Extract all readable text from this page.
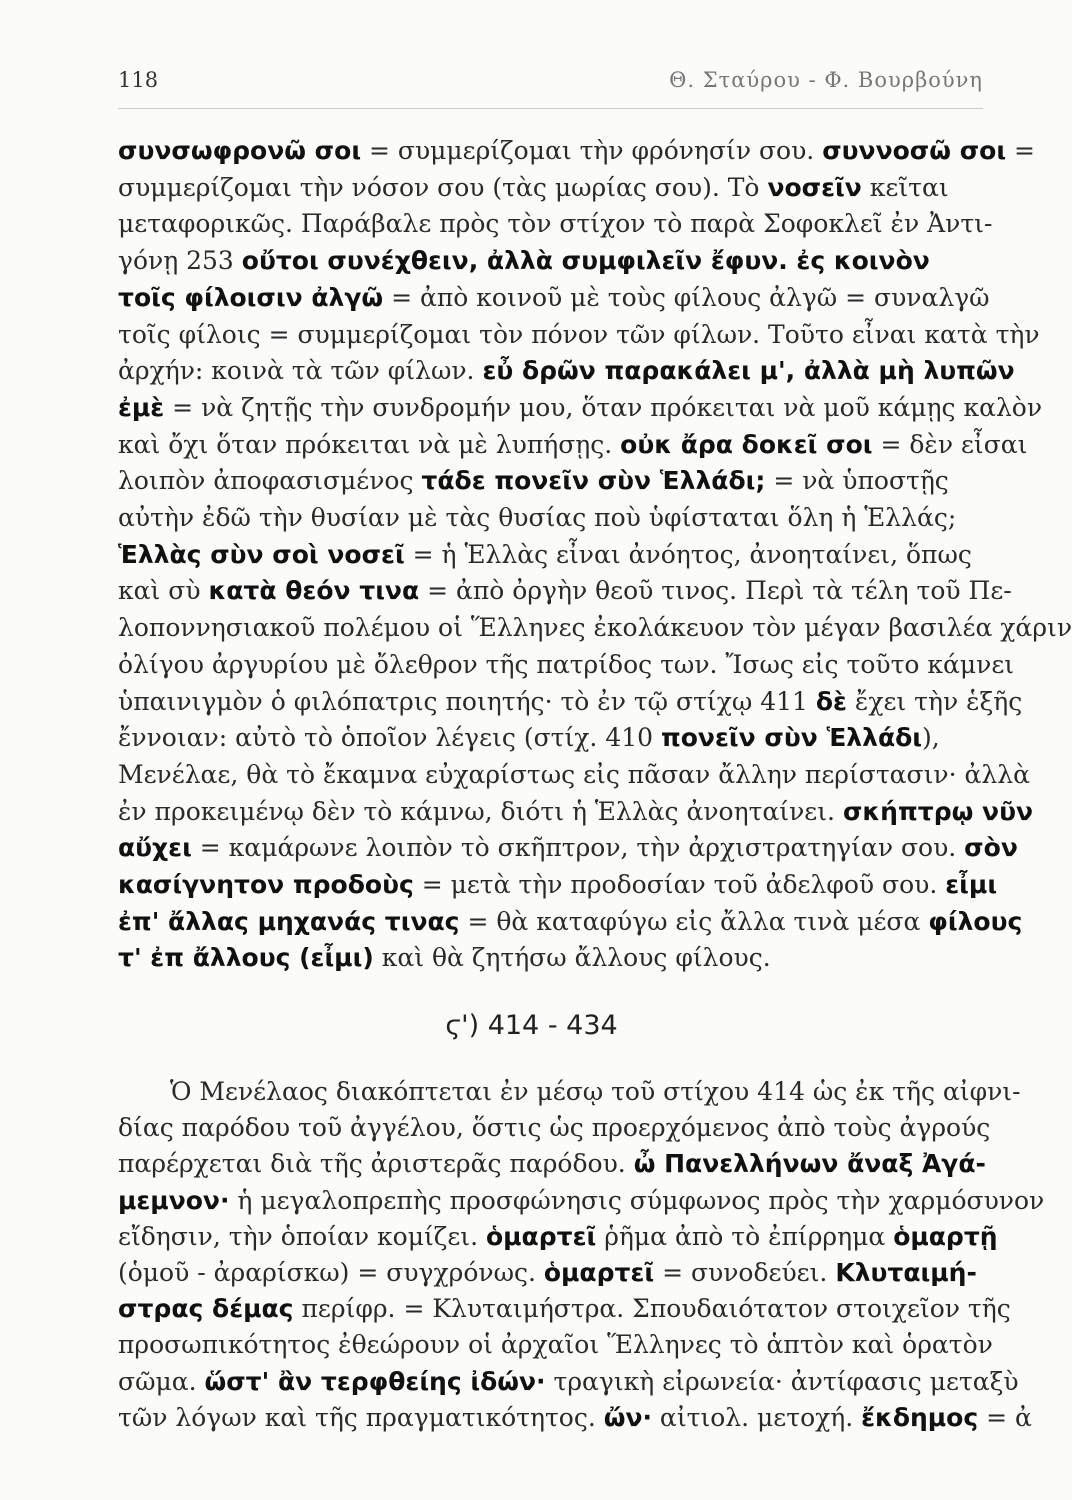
118	Θ. Σταύρου - Φ. Βουρβούνη
συνσωφρονῶ σοι = συμμερίζομαι τὴν φρόνησίν σου. συννοσῶ σοι =
συμμερίζομαι τὴν νόσον σου (τὰς μωρίας σου). Τὸ νοσεῖν κεῖται
μεταφορικῶς. Παράβαλε πρὸς τὸν στίχον τὸ παρὰ Σοφοκλεῖ ἐν Ἀντι-
γόνῃ 253 οὔτοι συνέχθειν, ἀλλὰ συμφιλεῖν ἔφυν. ἐς κοινὸν
τοῖς φίλοισιν ἀλγῶ = ἀπὸ κοινοῦ μὲ τοὺς φίλους ἀλγῶ = συναλγῶ
τοῖς φίλοις = συμμερίζομαι τὸν πόνον τῶν φίλων. Τοῦτο εἶναι κατὰ τὴν
ἀρχήν: κοινὰ τὰ τῶν φίλων. εὖ δρῶν παρακάλει μ', ἀλλὰ μὴ λυπῶν
ἐμὲ = νὰ ζητῇς τὴν συνδρομήν μου, ὅταν πρόκειται νὰ μοῦ κάμῃς καλὸν
καὶ ὄχι ὅταν πρόκειται νὰ μὲ λυπήσῃς. οὐκ ἄρα δοκεῖ σοι = δὲν εἶσαι
λοιπὸν ἀποφασισμένος τάδε πονεῖν σὺν Ἑλλάδι; = νὰ ὑποστῇς
αὐτὴν ἐδῶ τὴν θυσίαν μὲ τὰς θυσίας ποὺ ὑφίσταται ὅλη ἡ Ἑλλάς;
Ἑλλὰς σὺν σοὶ νοσεῖ = ἡ Ἑλλὰς εἶναι ἀνόητος, ἀνοηταίνει, ὅπως
καὶ σὺ κατὰ θεόν τινα = ἀπὸ ὀργὴν θεοῦ τινος. Περὶ τὰ τέλη τοῦ Πε-
λοποννησιακοῦ πολέμου οἱ Ἕλληνες ἐκολάκευον τὸν μέγαν βασιλέα χάριν
ὀλίγου ἀργυρίου μὲ ὄλεθρον τῆς πατρίδος των. Ἴσως εἰς τοῦτο κάμνει
ὑπαινιγμὸν ὁ φιλόπατρις ποιητής· τὸ ἐν τῷ στίχῳ 411 δὲ ἔχει τὴν ἑξῆς
ἔννοιαν: αὐτὸ τὸ ὁποῖον λέγεις (στίχ. 410 πονεῖν σὺν Ἑλλάδι),
Μενέλαε, θὰ τὸ ἔκαμνα εὐχαρίστως εἰς πᾶσαν ἄλλην περίστασιν· ἀλλὰ
ἐν προκειμένῳ δὲν τὸ κάμνω, διότι ἡ Ἑλλὰς ἀνοηταίνει. σκήπτρῳ νῦν
αὔχει = καμάρωνε λοιπὸν τὸ σκῆπτρον, τὴν ἀρχιστρατηγίαν σου. σὸν
κασίγνητον προδοὺς = μετὰ τὴν προδοσίαν τοῦ ἀδελφοῦ σου. εἶμι
ἐπ' ἄλλας μηχανάς τινας = θὰ καταφύγω εἰς ἄλλα τινὰ μέσα φίλους
τ' ἐπ ἄλλους (εἶμι) καὶ θὰ ζητήσω ἄλλους φίλους.
ϛ') 414 - 434
Ὁ Μενέλαος διακόπτεται ἐν μέσῳ τοῦ στίχου 414 ὡς ἐκ τῆς αἰφνι-
δίας παρόδου τοῦ ἀγγέλου, ὅστις ὡς προερχόμενος ἀπὸ τοὺς ἀγρούς
παρέρχεται διὰ τῆς ἀριστερᾶς παρόδου. ὦ Πανελλήνων ἄναξ Ἀγά-
μεμνον· ἡ μεγαλοπρεπὴς προσφώνησις σύμφωνος πρὸς τὴν χαρμόσυνον
εἴδησιν, τὴν ὁποίαν κομίζει. ὁμαρτεῖ ῥῆμα ἀπὸ τὸ ἐπίρρημα ὁμαρτῇ
(ὁμοῦ - ἀραρίσκω) = συγχρόνως. ὁμαρτεῖ = συνοδεύει. Κλυταιμή-
στρας δέμας περίφρ. = Κλυταιμήστρα. Σπουδαιότατον στοιχεῖον τῆς
προσωπικότητος ἐθεώρουν οἱ ἀρχαῖοι Ἕλληνες τὸ ἁπτὸν καὶ ὁρατὸν
σῶμα. ὥστ' ἂν τερφθείης ἰδών· τραγικὴ εἰρωνεία· ἀντίφασις μεταξὺ
τῶν λόγων καὶ τῆς πραγματικότητος. ὤν· αἰτιολ. μετοχή. ἔκδημος = ἀ
